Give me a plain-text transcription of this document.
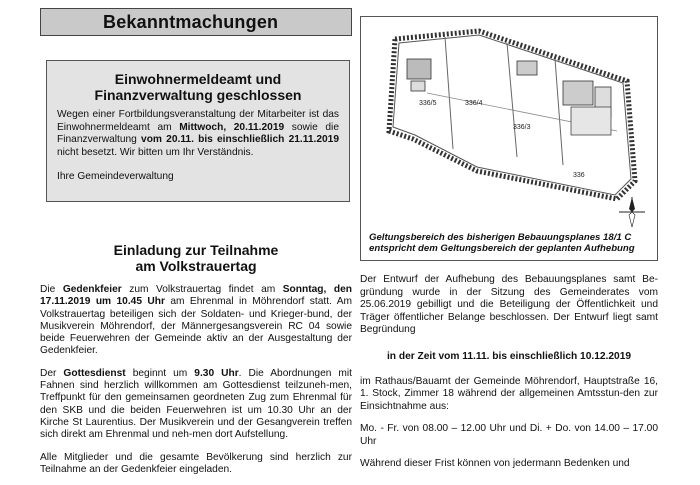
Bekanntmachungen
Einwohnermeldeamt und
Finanzverwaltung geschlossen
Wegen einer Fortbildungsveranstaltung der Mitarbeiter ist das Einwohnermeldeamt am Mittwoch, 20.11.2019 sowie die Finanzverwaltung vom 20.11. bis einschließlich 21.11.2019 nicht besetzt. Wir bitten um Ihr Verständnis.
Ihre Gemeindeverwaltung
Einladung zur Teilnahme
am Volkstrauertag
Die Gedenkfeier zum Volkstrauertag findet am Sonntag, den 17.11.2019 um 10.45 Uhr am Ehrenmal in Möhrendorf statt. Am Volkstrauertag beteiligen sich der Soldaten- und Krieger-bund, der Musikverein Möhrendorf, der Männergesangsverein RC 04 sowie beide Feuerwehren der Gemeinde aktiv an der Ausgestaltung der Gedenkfeier.
Der Gottesdienst beginnt um 9.30 Uhr. Die Abordnungen mit Fahnen sind herzlich willkommen am Gottesdienst teilzuneh-men, Treffpunkt für den gemeinsamen geordneten Zug zum Ehrenmal für den SKB und die beiden Feuerwehren ist um 10.30 Uhr an der Kirche St Laurentius. Der Musikverein und der Gesangverein treffen sich direkt am Ehrenmal und neh-men dort Aufstellung.
Alle Mitglieder und die gesamte Bevölkerung sind herzlich zur Teilnahme an der Gedenkfeier eingeladen.
336/5	336/4
336/3
336
Geltungsbereich des bisherigen Bebauungsplanes 18/1 C
entspricht dem Geltungsbereich der geplanten Aufhebung
Der Entwurf der Aufhebung des Bebauungsplanes samt Be-gründung wurde in der Sitzung des Gemeinderates vom 25.06.2019 gebilligt und die Beteiligung der Öffentlichkeit und Träger öffentlicher Belange beschlossen. Der Entwurf liegt samt Begründung
in der Zeit vom 11.11. bis einschließlich 10.12.2019
im Rathaus/Bauamt der Gemeinde Möhrendorf, Hauptstraße 16, 1. Stock, Zimmer 18 während der allgemeinen Amtsstun-den zur Einsichtnahme aus:
Mo. - Fr. von 08.00 – 12.00 Uhr und Di. + Do. von 14.00 – 17.00 Uhr
Während dieser Frist können von jedermann Bedenken und
